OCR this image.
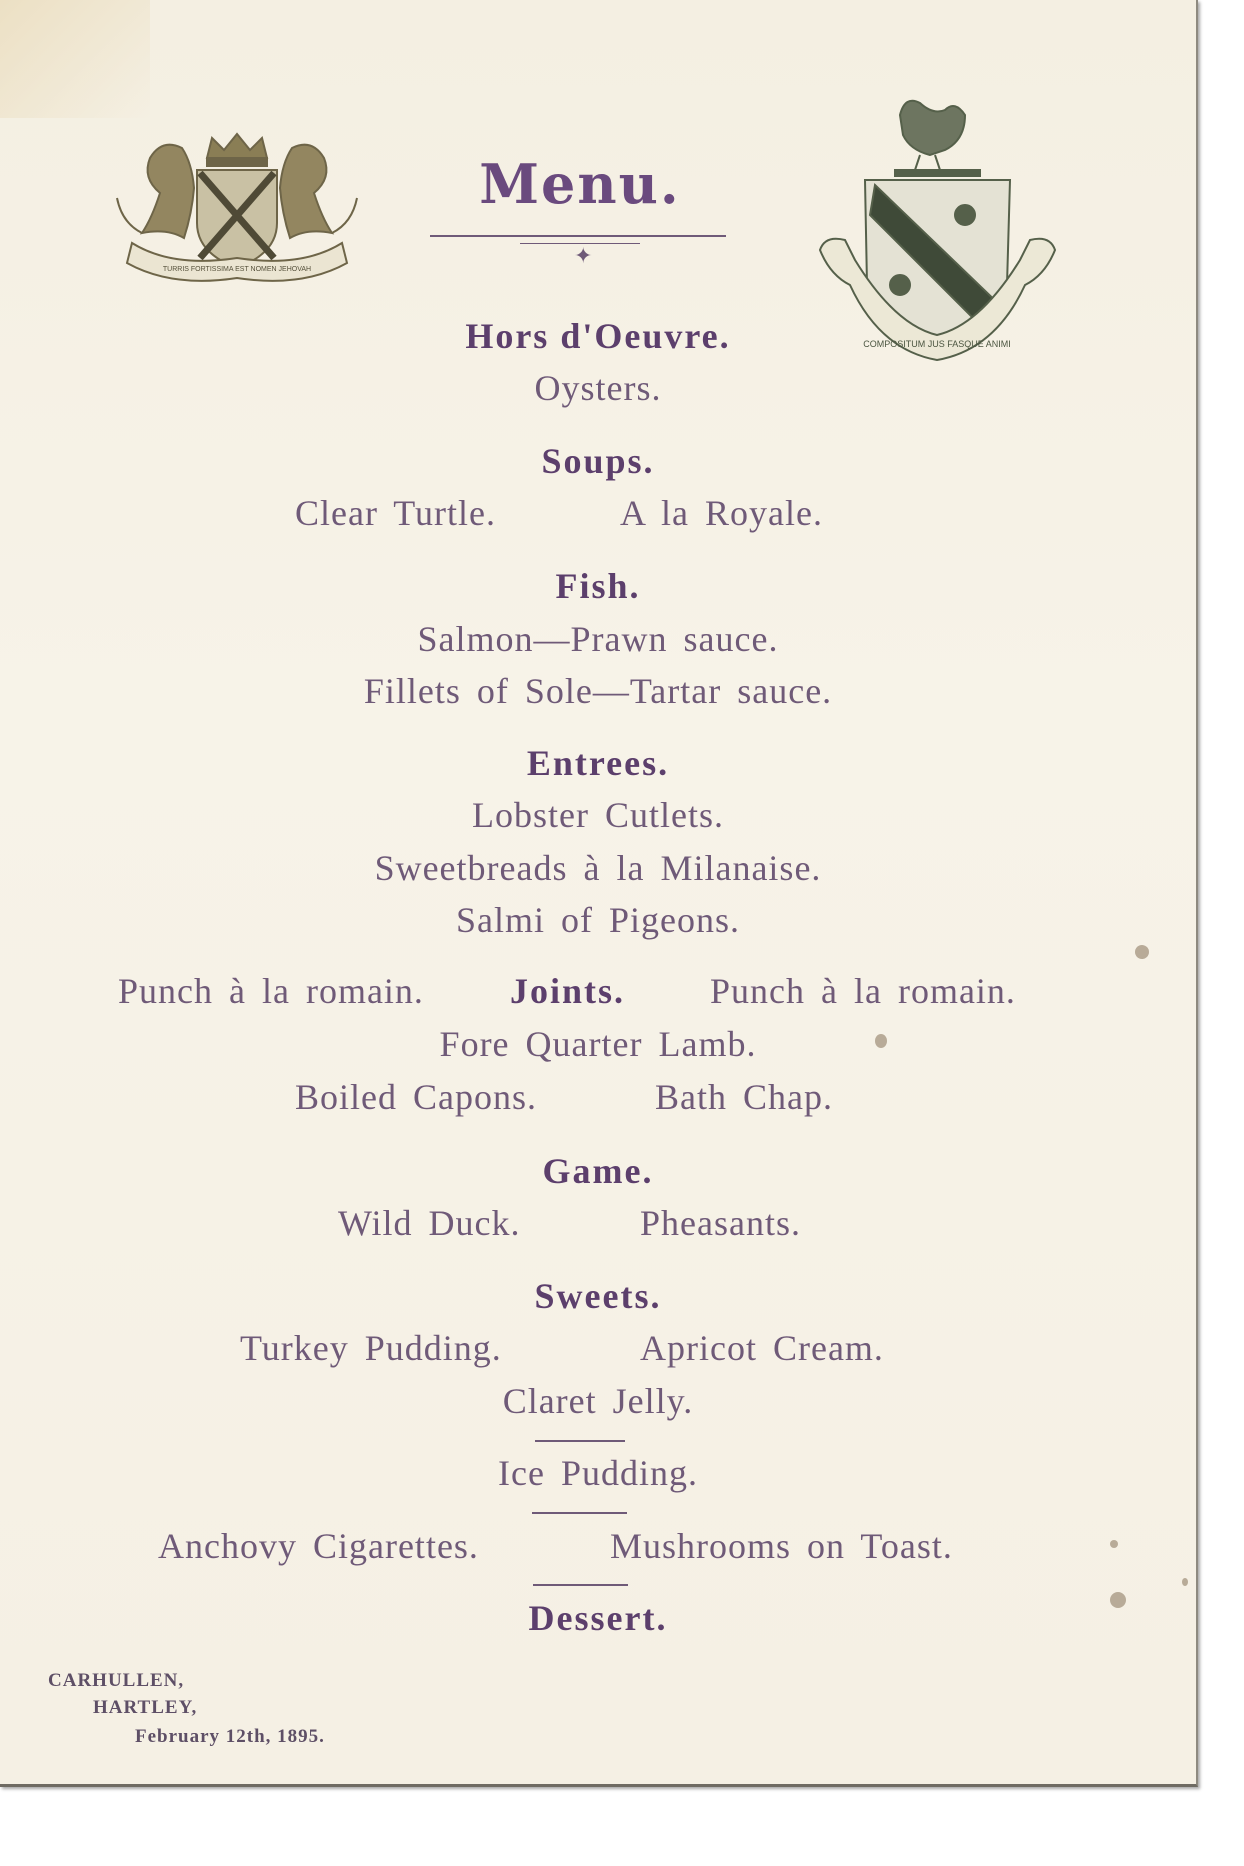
TURRIS FORTISSIMA EST NOMEN JEHOVAH
COMPOSITUM JUS FASQUE ANIMI
Menu.
✦
Hors d'Oeuvre.
Oysters.
Soups.
Clear Turtle.	A la Royale.
Fish.
Salmon—Prawn sauce.
Fillets of Sole—Tartar sauce.
Entrees.
Lobster Cutlets.
Sweetbreads à la Milanaise.
Salmi of Pigeons.
Punch à la romain. Joints. Punch à la romain.
Fore Quarter Lamb.
Boiled Capons.	Bath Chap.
Game.
Wild Duck.	Pheasants.
Sweets.
Turkey Pudding.	Apricot Cream.
Claret Jelly.
Ice Pudding.
Anchovy Cigarettes.	Mushrooms on Toast.
Dessert.
CARHULLEN,
HARTLEY,
February 12th, 1895.
